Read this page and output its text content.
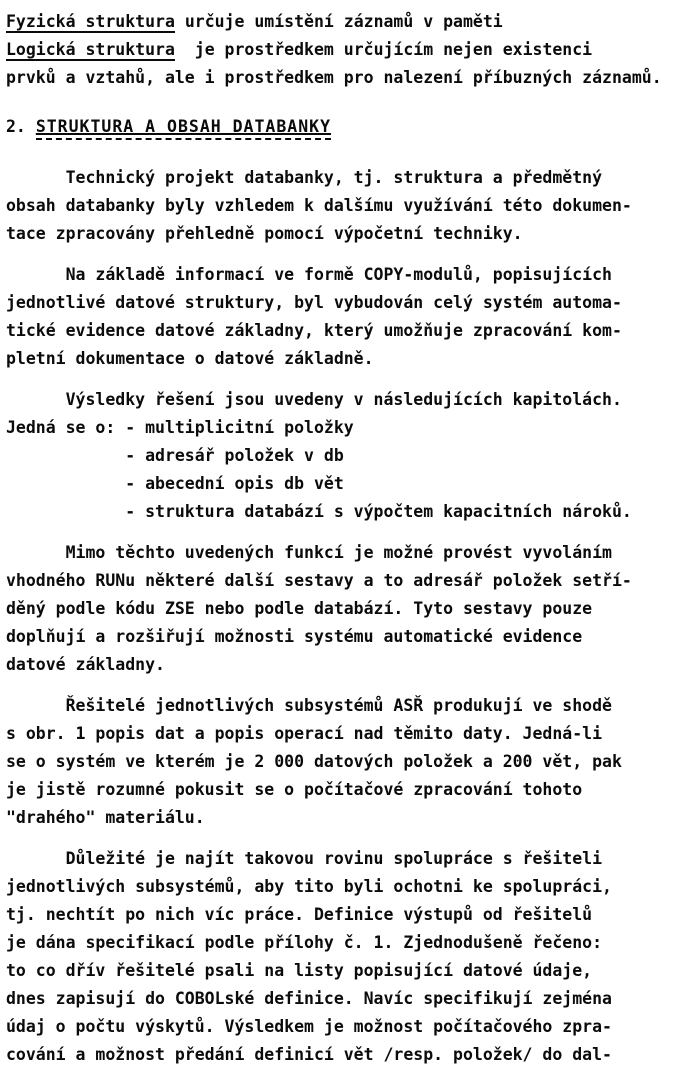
Fyzická struktura určuje umístění záznamů v paměti
Logická struktura  je prostředkem určujícím nejen existenci
prvků a vztahů, ale i prostředkem pro nalezení příbuzných záznamů.
2. STRUKTURA A OBSAH DATABANKY
Technický projekt databanky, tj. struktura a předmětný
obsah databanky byly vzhledem k dalšímu využívání této dokumen-
tace zpracovány přehledně pomocí výpočetní techniky.
Na základě informací ve formě COPY-modulů, popisujících
jednotlivé datové struktury, byl vybudován celý systém automa-
tické evidence datové základny, který umožňuje zpracování kom-
pletní dokumentace o datové základně.
Výsledky řešení jsou uvedeny v následujících kapitolách.
Jedná se o: - multiplicitní položky
- adresář položek v db
- abecední opis db vět
- struktura databází s výpočtem kapacitních nároků.
Mimo těchto uvedených funkcí je možné provést vyvoláním
vhodného RUNu některé další sestavy a to adresář položek setří-
děný podle kódu ZSE nebo podle databází. Tyto sestavy pouze
doplňují a rozšiřují možnosti systému automatické evidence
datové základny.
Řešitelé jednotlivých subsystémů ASŘ produkují ve shodě
s obr. 1 popis dat a popis operací nad těmito daty. Jedná-li
se o systém ve kterém je 2 000 datových položek a 200 vět, pak
je jistě rozumné pokusit se o počítačové zpracování tohoto
"drahého" materiálu.
Důležité je najít takovou rovinu spolupráce s řešiteli
jednotlivých subsystémů, aby tito byli ochotni ke spolupráci,
tj. nechtít po nich víc práce. Definice výstupů od řešitelů
je dána specifikací podle přílohy č. 1. Zjednodušeně řečeno:
to co dřív řešitelé psali na listy popisující datové údaje,
dnes zapisují do COBOLské definice. Navíc specifikují zejména
údaj o počtu výskytů. Výsledkem je možnost počítačového zpra-
cování a možnost předání definicí vět /resp. položek/ do dal-
